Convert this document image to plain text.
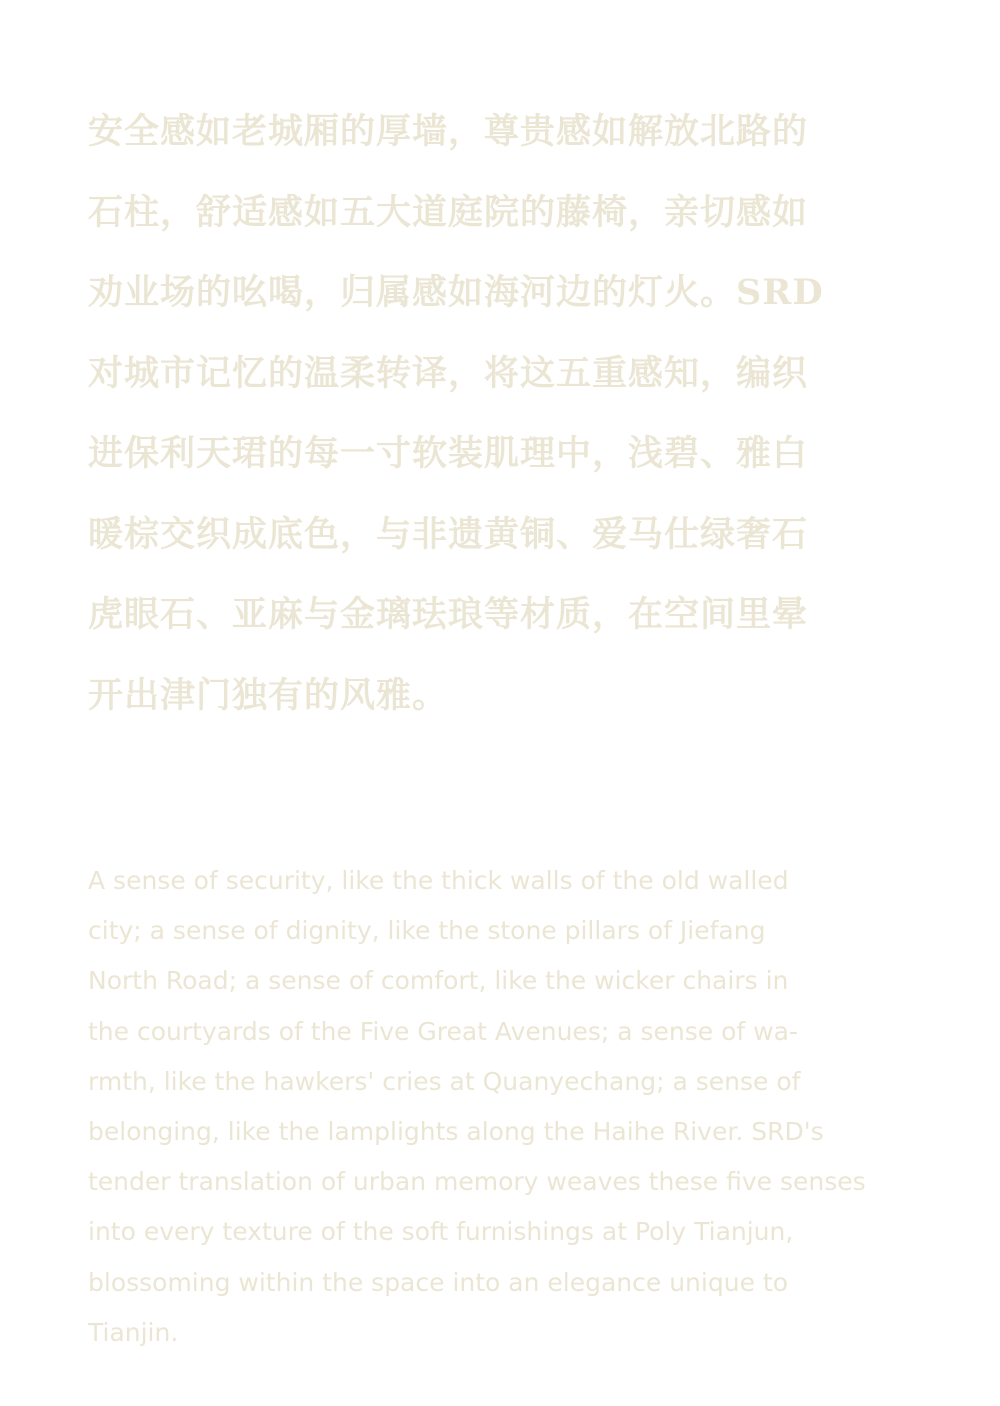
安全感如老城厢的厚墙，尊贵感如解放北路的
石柱，舒适感如五大道庭院的藤椅，亲切感如
劝业场的吆喝，归属感如海河边的灯火。SRD
对城市记忆的温柔转译，将这五重感知，编织
进保利天珺的每一寸软装肌理中，浅碧、雅白
暖棕交织成底色，与非遗黄铜、爱马仕绿奢石
虎眼石、亚麻与金璃珐琅等材质，在空间里晕
开出津门独有的风雅。
A sense of security, like the thick walls of the old walled
city; a sense of dignity, like the stone pillars of Jiefang
North Road; a sense of comfort, like the wicker chairs in
the courtyards of the Five Great Avenues; a sense of wa-
rmth, like the hawkers' cries at Quanyechang; a sense of
belonging, like the lamplights along the Haihe River. SRD's
tender translation of urban memory weaves these five senses
into every texture of the soft furnishings at Poly Tianjun,
blossoming within the space into an elegance unique to
Tianjin.
